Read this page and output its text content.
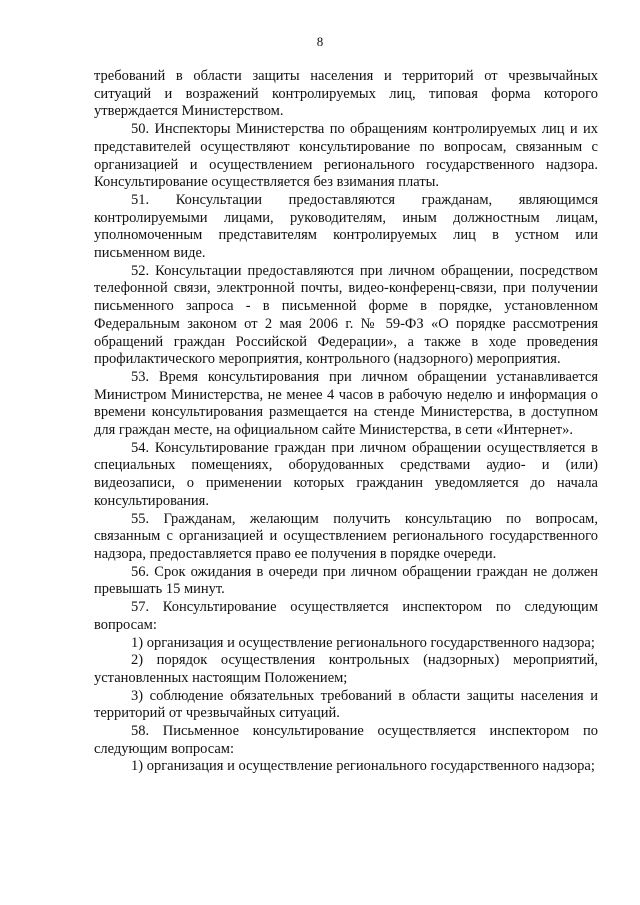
8

требований в области защиты населения и территорий от чрезвычайных ситуаций и возражений контролируемых лиц, типовая форма которого утверждается Министерством.

50. Инспекторы Министерства по обращениям контролируемых лиц и их представителей осуществляют консультирование по вопросам, связанным с организацией и осуществлением регионального государственного надзора. Консультирование осуществляется без взимания платы.

51. Консультации предоставляются гражданам, являющимся контролируемыми лицами, руководителям, иным должностным лицам, уполномоченным представителям контролируемых лиц в устном или письменном виде.

52. Консультации предоставляются при личном обращении, посредством телефонной связи, электронной почты, видео-конференц-связи, при получении письменного запроса - в письменной форме в порядке, установленном Федеральным законом от 2 мая 2006 г. № 59-ФЗ «О порядке рассмотрения обращений граждан Российской Федерации», а также в ходе проведения профилактического мероприятия, контрольного (надзорного) мероприятия.

53. Время консультирования при личном обращении устанавливается Министром Министерства, не менее 4 часов в рабочую неделю и информация о времени консультирования размещается на стенде Министерства, в доступном для граждан месте, на официальном сайте Министерства, в сети «Интернет».

54. Консультирование граждан при личном обращении осуществляется в специальных помещениях, оборудованных средствами аудио- и (или) видеозаписи, о применении которых гражданин уведомляется до начала консультирования.

55. Гражданам, желающим получить консультацию по вопросам, связанным с организацией и осуществлением регионального государственного надзора, предоставляется право ее получения в порядке очереди.

56. Срок ожидания в очереди при личном обращении граждан не должен превышать 15 минут.

57. Консультирование осуществляется инспектором по следующим вопросам:

1) организация и осуществление регионального государственного надзора;

2) порядок осуществления контрольных (надзорных) мероприятий, установленных настоящим Положением;

3) соблюдение обязательных требований в области защиты населения и территорий от чрезвычайных ситуаций.

58. Письменное консультирование осуществляется инспектором по следующим вопросам:

1) организация и осуществление регионального государственного надзора;
